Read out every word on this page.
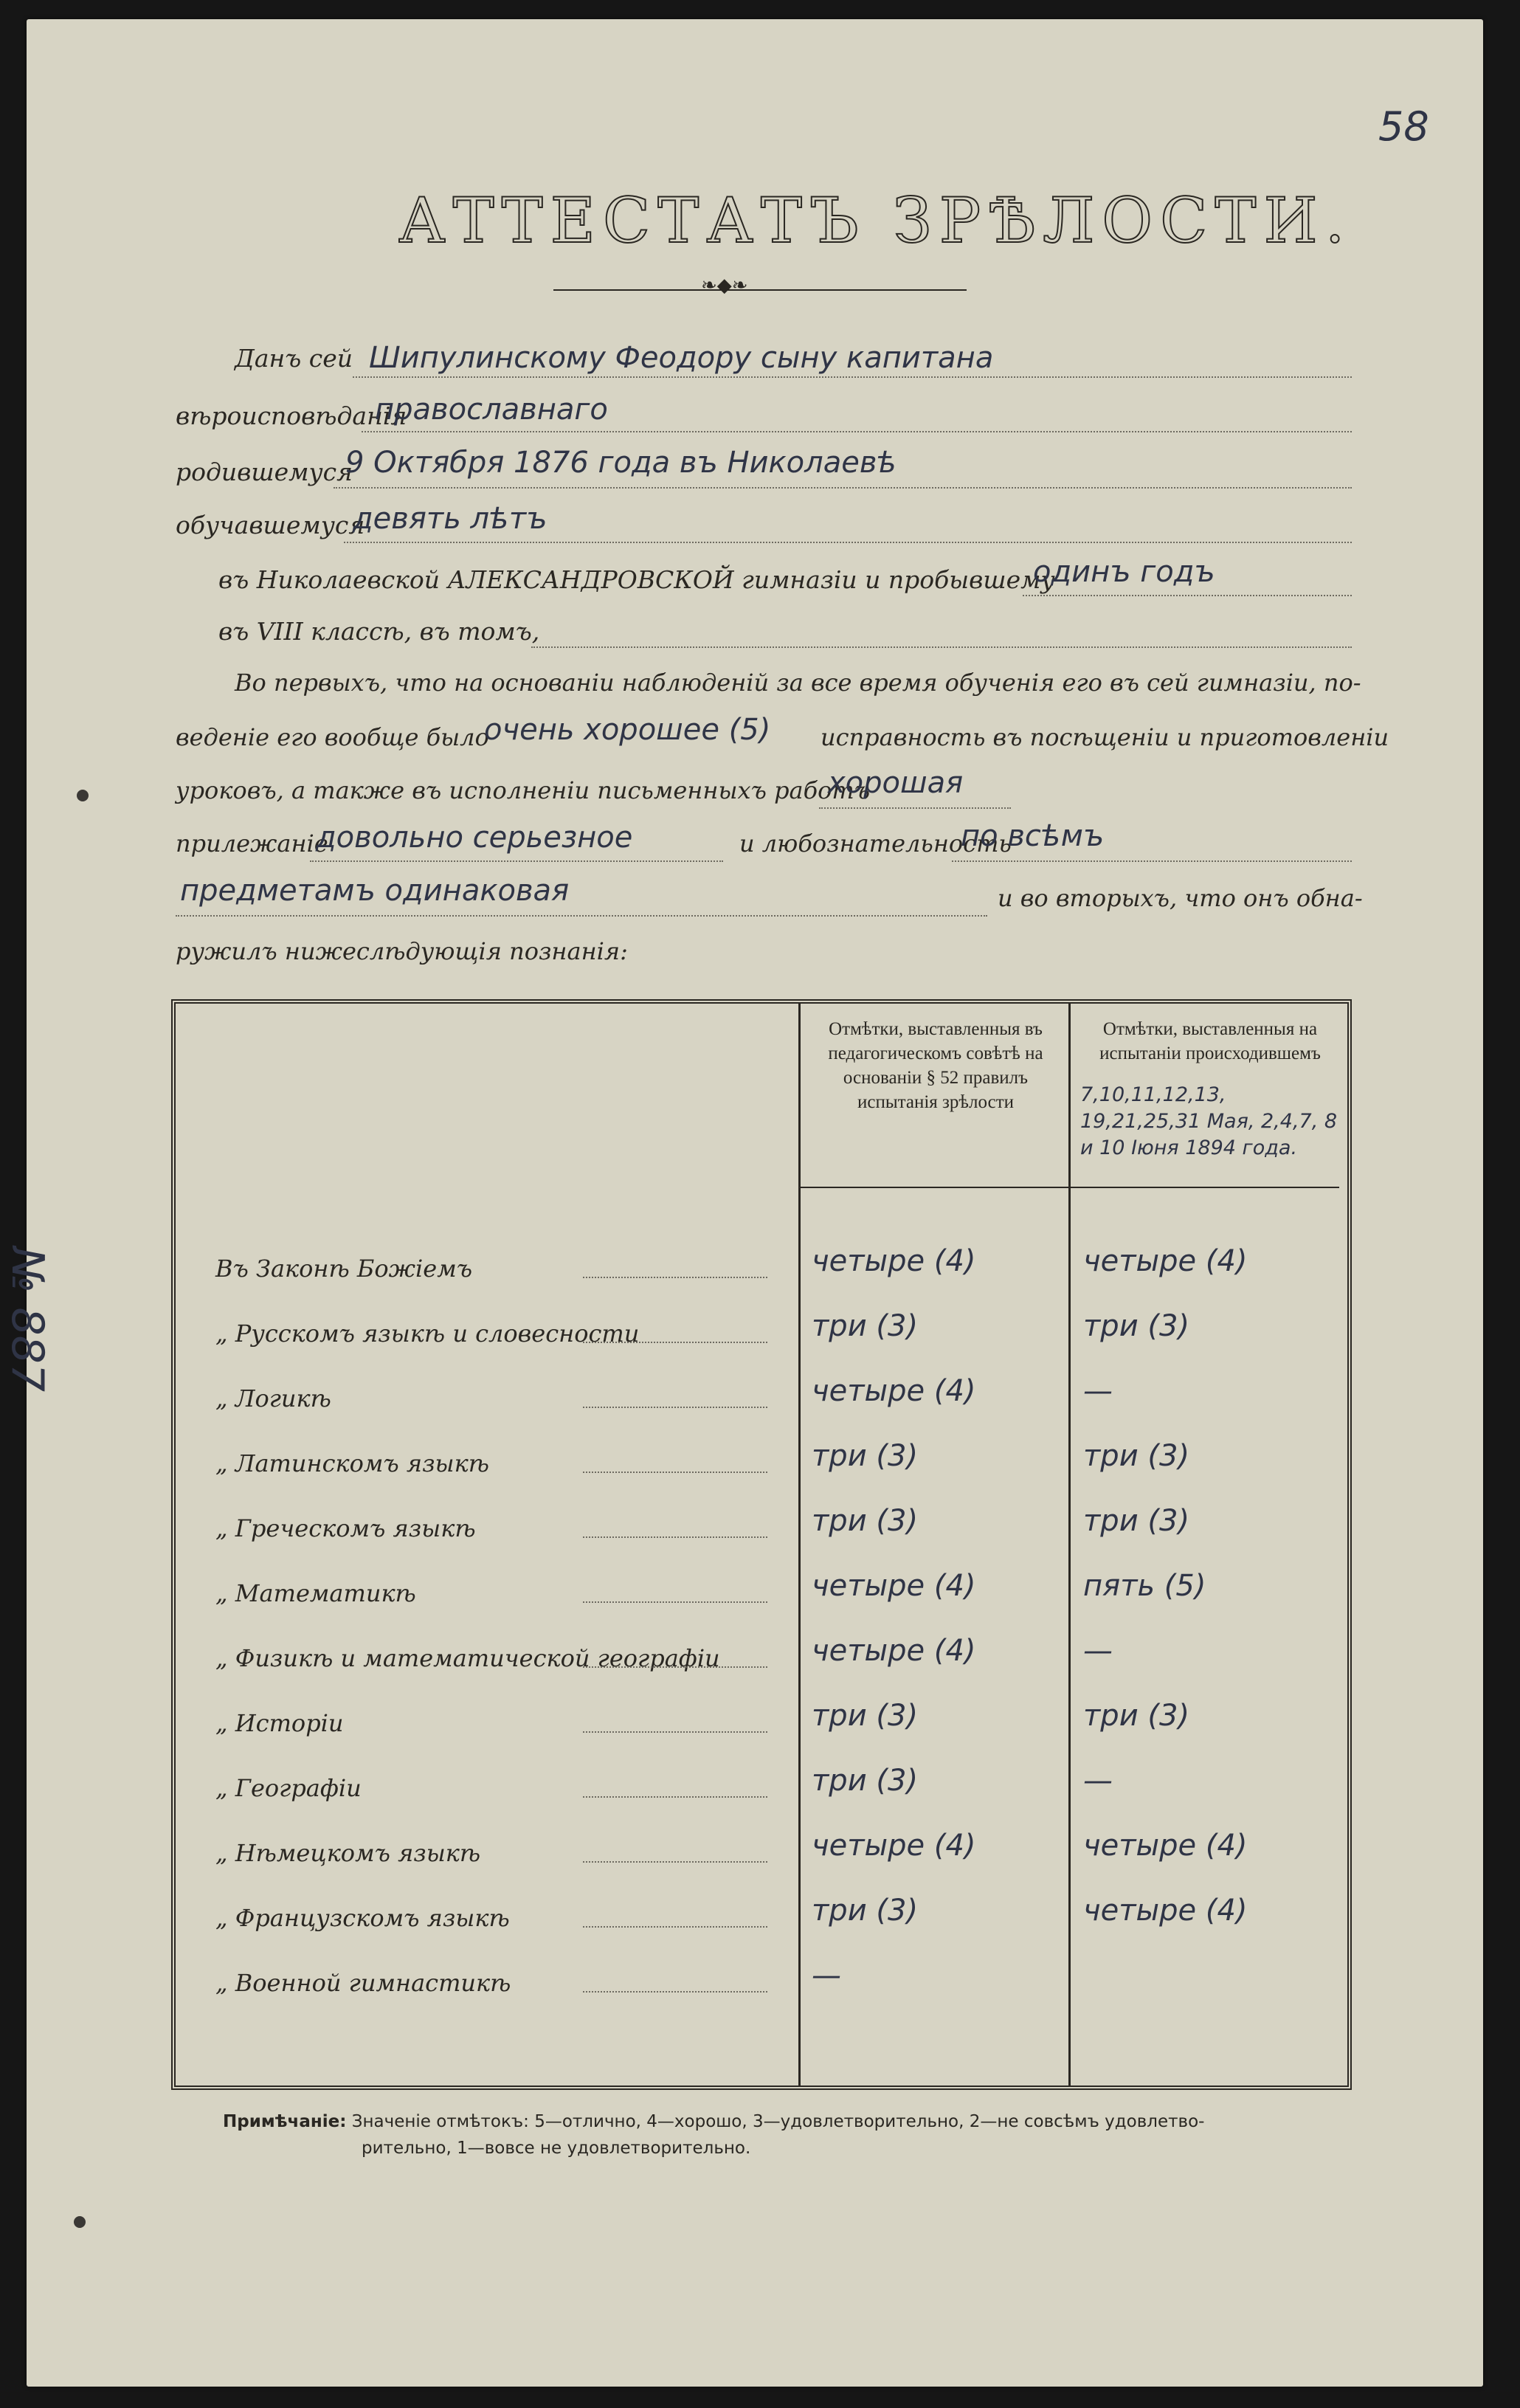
58
АТТЕСТАТЪ ЗРѢЛОСТИ.
❧◆❧
№ 887
Данъ сей Шипулинскому Феодору сыну капитана
вѣроисповѣданія
православнаго
родившемуся
9 Октября 1876 года въ Николаевѣ
обучавшемуся
девять лѣтъ
въ Николаевской АЛЕКСАНДРОВСКОЙ гимназіи и пробывшему
одинъ годъ
въ VIII классѣ, въ томъ,
Во первыхъ, что на основаніи наблюденій за все время обученія его въ сей гимназіи, по-
веденіе его вообще было
очень хорошее (5) исправность въ посѣщеніи и приготовленіи
уроковъ, а также въ исполненіи письменныхъ работъ
хорошая
прилежаніе
довольно серьезное	и любознательность
по всѣмъ
предметамъ одинаковая	и во вторыхъ, что онъ обна-
ружилъ нижеслѣдующія познанія:
Отмѣтки, выставленныя въ педагогическомъ совѣтѣ на основаніи § 52 правилъ испытанія зрѣлости
Отмѣтки, выставленныя на испытаніи происходившемъ
7,10,11,12,13, 19,21,25,31 Мая, 2,4,7, 8 и 10 Іюня 1894 года.
Въ Законѣ Божіемъ	четыре (4)	четыре (4)
„ Русскомъ языкѣ и словесности	три (3)	три (3)
„ Логикѣ	четыре (4)	—
„ Латинскомъ языкѣ	три (3)	три (3)
„ Греческомъ языкѣ	три (3)	три (3)
„ Математикѣ	четыре (4)	пять (5)
„ Физикѣ и математической географіи	четыре (4)	—
„ Исторіи	три (3)	три (3)
„ Географіи	три (3)	—
„ Нѣмецкомъ языкѣ	четыре (4)	четыре (4)
„ Французскомъ языкѣ	три (3)	четыре (4)
„ Военной гимнастикѣ	—
Примѣчаніе: Значеніе отмѣтокъ: 5—отлично, 4—хорошо, 3—удовлетворительно, 2—не совсѣмъ удовлетво-
рительно, 1—вовсе не удовлетворительно.
